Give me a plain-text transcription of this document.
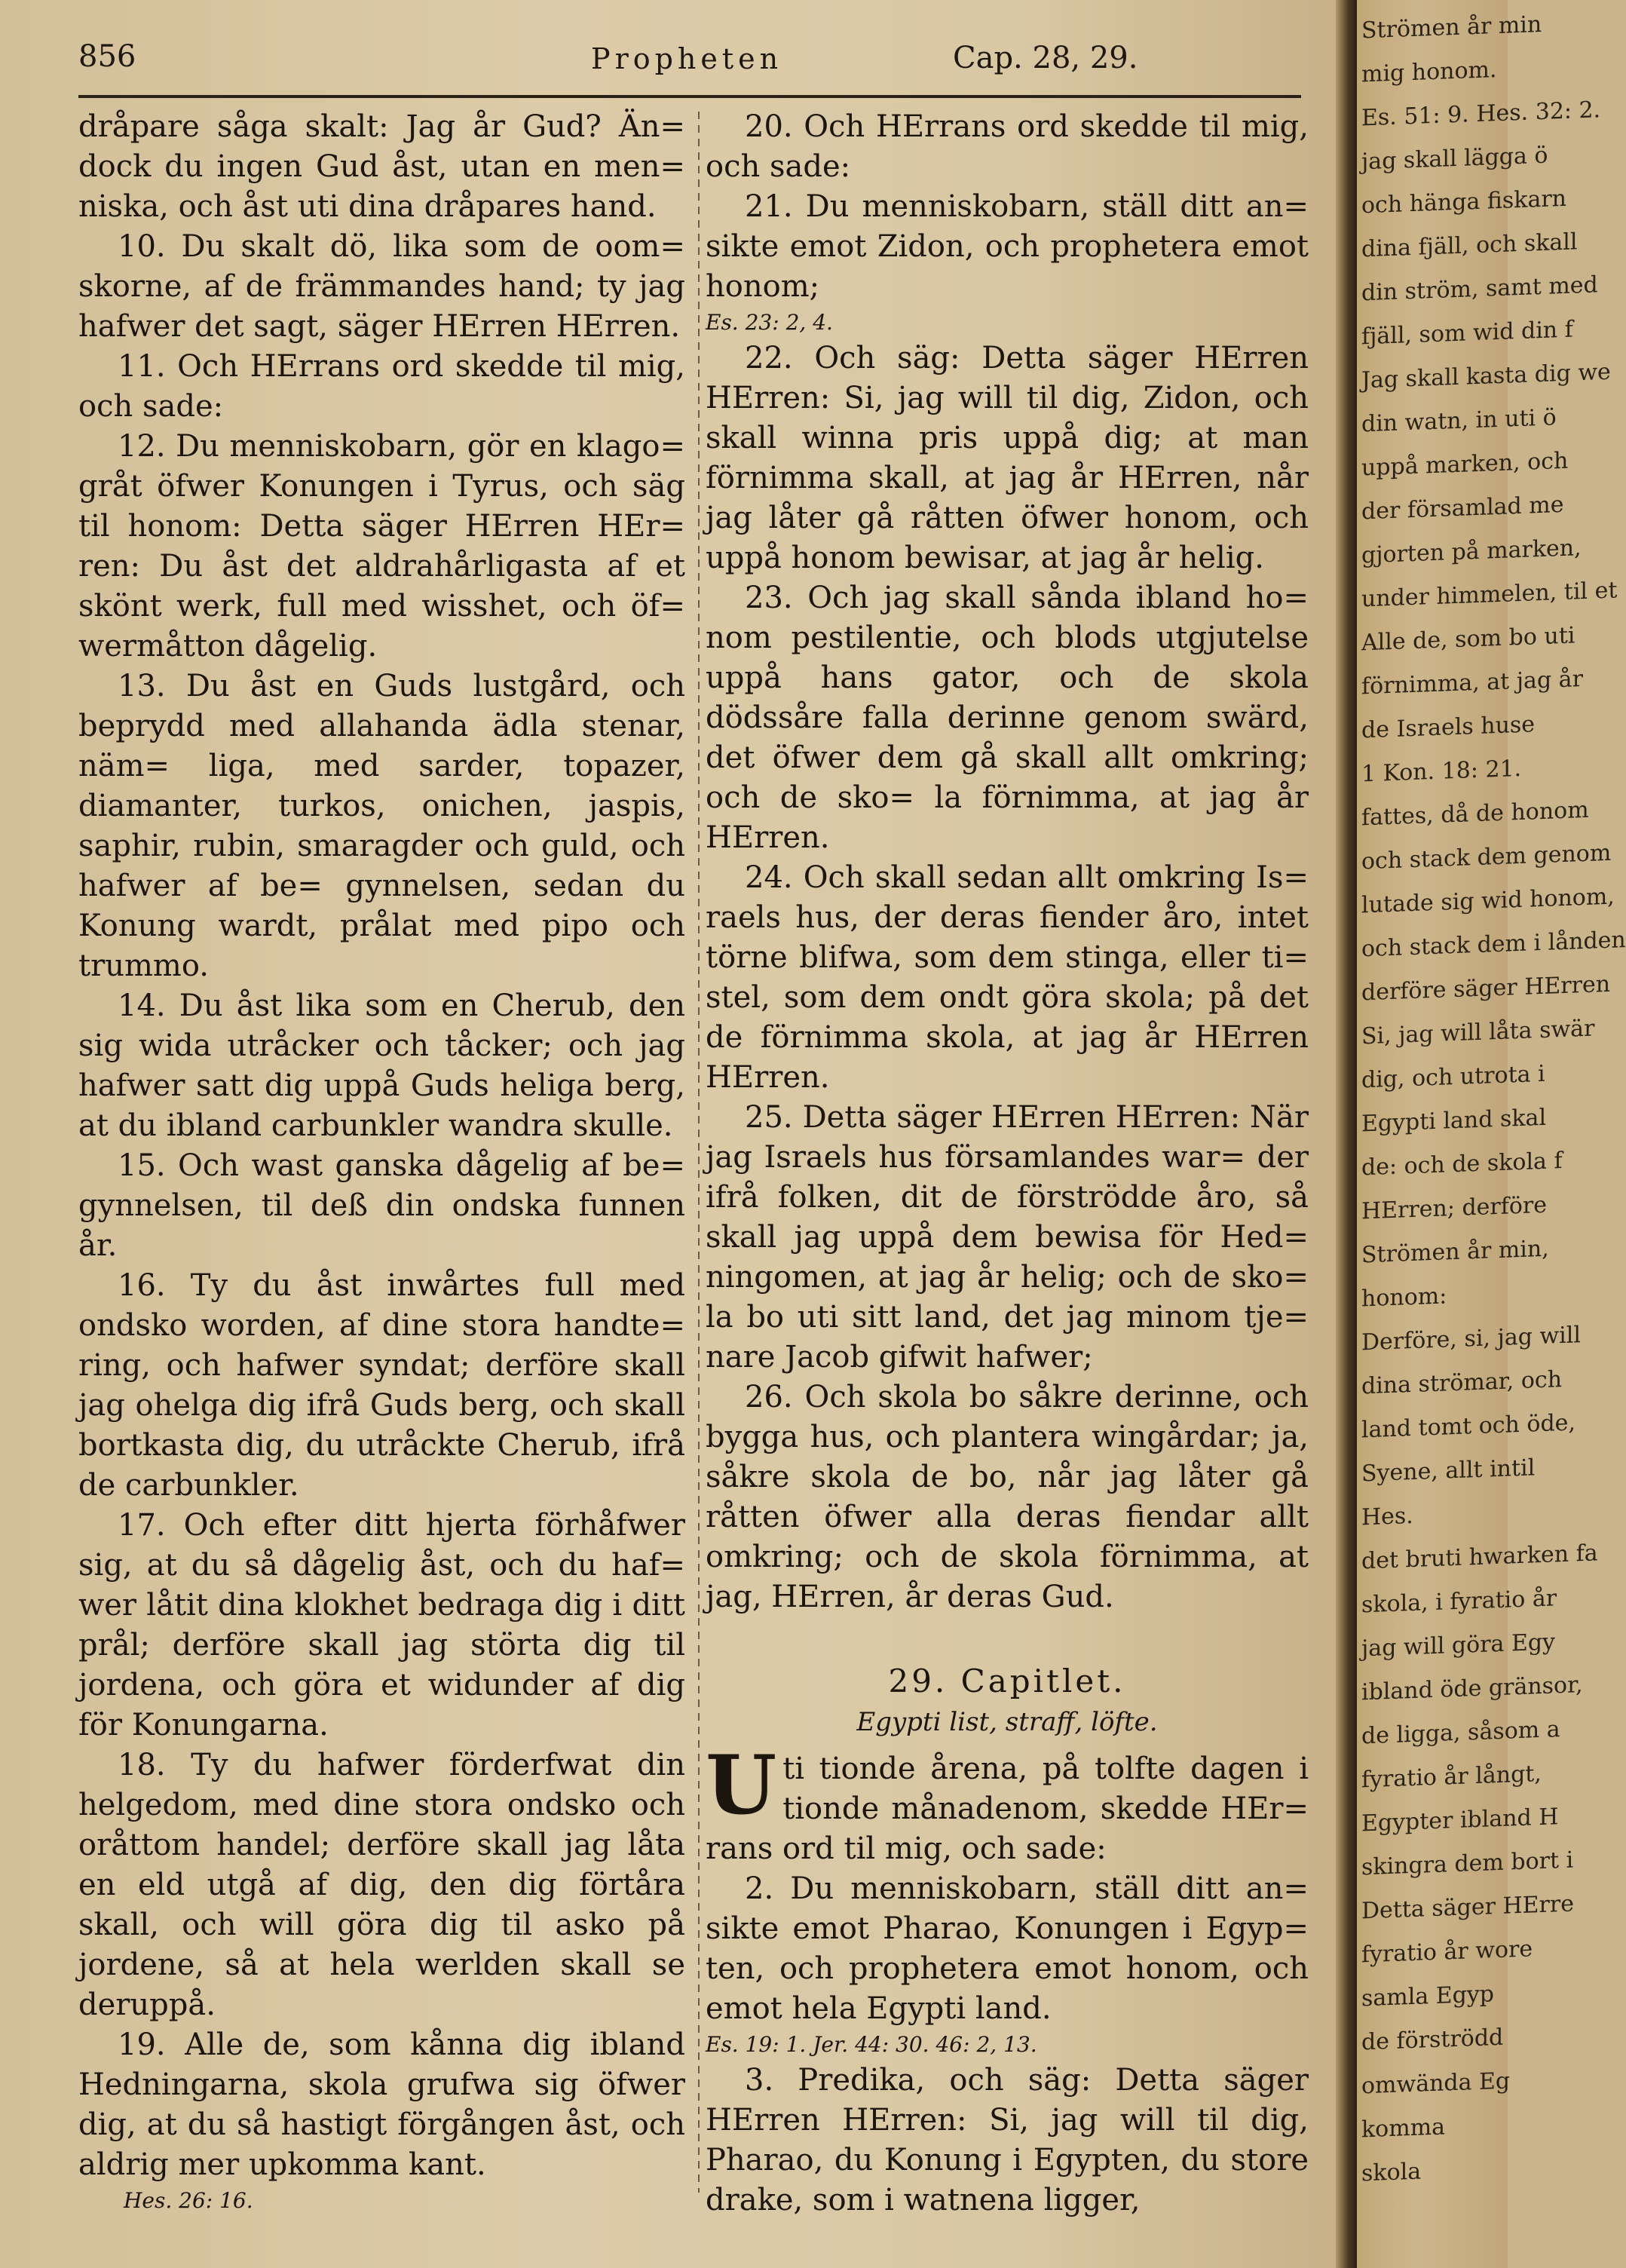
Strömen år min
mig honom.
Es. 51: 9. Hes. 32: 2.
jag skall lägga ö
och hänga fiskarn
dina fjäll, och skall
din ström, samt med
fjäll, som wid din f
Jag skall kasta dig we
din watn, in uti ö
uppå marken, och
der församlad me
gjorten på marken,
under himmelen, til et
Alle de, som bo uti
förnimma, at jag år
de Israels huse
1 Kon. 18: 21.
fattes, då de honom
och stack dem genom
lutade sig wid honom,
och stack dem i lånden
derföre säger HErren
Si, jag will låta swär
dig, och utrota i
Egypti land skal
de: och de skola f
HErren; derföre
Strömen år min,
honom:
Derföre, si, jag will
dina strömar, och
land tomt och öde,
Syene, allt intil
Hes.
det bruti hwarken fa
skola, i fyratio år
jag will göra Egy
ibland öde gränsor,
de ligga, såsom a
fyratio år långt,
Egypter ibland H
skingra dem bort i
Detta säger HErre
fyratio år wore
samla Egyp
de förströdd
omwända Eg
komma
skola
856	Propheten	Cap. 28, 29.

dråpare såga skalt: Jag år Gud? Än= dock du ingen Gud åst, utan en men= niska, och åst uti dina dråpares hand.

10. Du skalt dö, lika som de oom= skorne, af de främmandes hand; ty jag hafwer det sagt, säger HErren HErren.

11. Och HErrans ord skedde til mig, och sade:

12. Du menniskobarn, gör en klago= gråt öfwer Konungen i Tyrus, och säg til honom: Detta säger HErren HEr= ren: Du åst det aldrahårligasta af et skönt werk, full med wisshet, och öf= wermåtton dågelig.

13. Du åst en Guds lustgård, och beprydd med allahanda ädla stenar, näm= liga, med sarder, topazer, diamanter, turkos, onichen, jaspis, saphir, rubin, smaragder och guld, och hafwer af be= gynnelsen, sedan du Konung wardt, prålat med pipo och trummo.

14. Du åst lika som en Cherub, den sig wida utråcker och tåcker; och jag hafwer satt dig uppå Guds heliga berg, at du ibland carbunkler wandra skulle.

15. Och wast ganska dågelig af be= gynnelsen, til deß din ondska funnen år.

16. Ty du åst inwårtes full med ondsko worden, af dine stora handte= ring, och hafwer syndat; derföre skall jag ohelga dig ifrå Guds berg, och skall bortkasta dig, du utråckte Cherub, ifrå de carbunkler.

17. Och efter ditt hjerta förhåfwer sig, at du så dågelig åst, och du haf= wer låtit dina klokhet bedraga dig i ditt prål; derföre skall jag störta dig til jordena, och göra et widunder af dig för Konungarna.

18. Ty du hafwer förderfwat din helgedom, med dine stora ondsko och oråttom handel; derföre skall jag låta en eld utgå af dig, den dig förtåra skall, och will göra dig til asko på jordene, så at hela werlden skall se deruppå.

19. Alle de, som kånna dig ibland Hedningarna, skola grufwa sig öfwer dig, at du så hastigt förgången åst, och aldrig mer upkomma kant.

Hes. 26: 16.

20. Och HErrans ord skedde til mig, och sade:

21. Du menniskobarn, ställ ditt an= sikte emot Zidon, och prophetera emot honom;

Es. 23: 2, 4.

22. Och säg: Detta säger HErren HErren: Si, jag will til dig, Zidon, och skall winna pris uppå dig; at man förnimma skall, at jag år HErren, når jag låter gå råtten öfwer honom, och uppå honom bewisar, at jag år helig.

23. Och jag skall sånda ibland ho= nom pestilentie, och blods utgjutelse uppå hans gator, och de skola dödssåre falla derinne genom swärd, det öfwer dem gå skall allt omkring; och de sko= la förnimma, at jag år HErren.

24. Och skall sedan allt omkring Is= raels hus, der deras fiender åro, intet törne blifwa, som dem stinga, eller ti= stel, som dem ondt göra skola; på det de förnimma skola, at jag år HErren HErren.

25. Detta säger HErren HErren: När jag Israels hus församlandes war= der ifrå folken, dit de förströdde åro, så skall jag uppå dem bewisa för Hed= ningomen, at jag år helig; och de sko= la bo uti sitt land, det jag minom tje= nare Jacob gifwit hafwer;

26. Och skola bo såkre derinne, och bygga hus, och plantera wingårdar; ja, såkre skola de bo, når jag låter gå råtten öfwer alla deras fiendar allt omkring; och de skola förnimma, at jag, HErren, år deras Gud.

29. Capitlet.
Egypti list, straff, löfte.

Uti tionde årena, på tolfte dagen i tionde månadenom, skedde HEr= rans ord til mig, och sade:

2. Du menniskobarn, ställ ditt an= sikte emot Pharao, Konungen i Egyp= ten, och prophetera emot honom, och emot hela Egypti land.

Es. 19: 1. Jer. 44: 30. 46: 2, 13.

3. Predika, och säg: Detta säger HErren HErren: Si, jag will til dig, Pharao, du Konung i Egypten, du store drake, som i watnena ligger,
